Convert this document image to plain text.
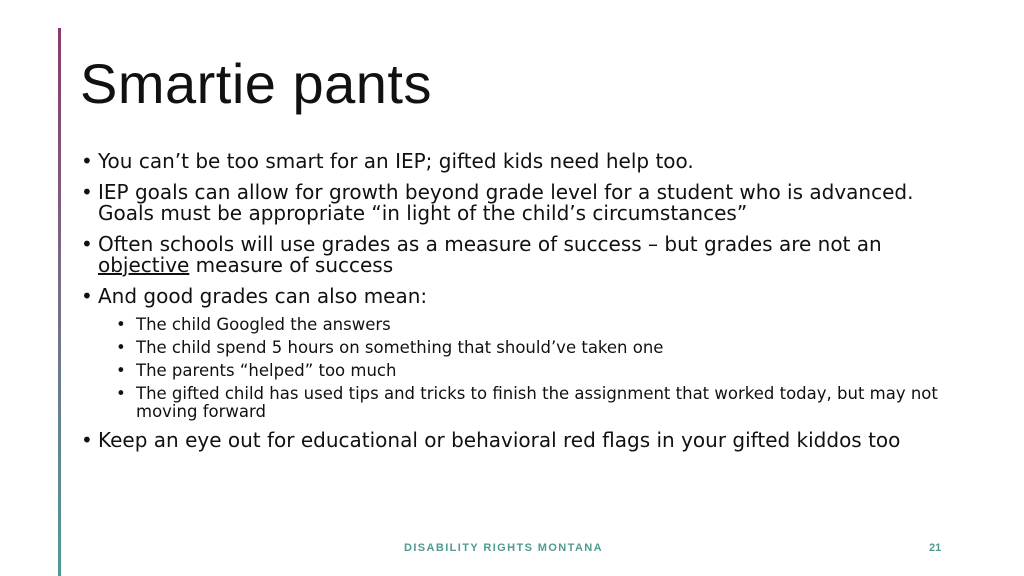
Smartie pants
• You can’t be too smart for an IEP; gifted kids need help too.
• IEP goals can allow for growth beyond grade level for a student who is advanced. Goals must be appropriate “in light of the child’s circumstances”
• Often schools will use grades as a measure of success – but grades are not an objective measure of success
• And good grades can also mean:
• The child Googled the answers
• The child spend 5 hours on something that should’ve taken one
• The parents “helped” too much
• The gifted child has used tips and tricks to finish the assignment that worked today, but may not moving forward
• Keep an eye out for educational or behavioral red flags in your gifted kiddos too
DISABILITY RIGHTS MONTANA	21
